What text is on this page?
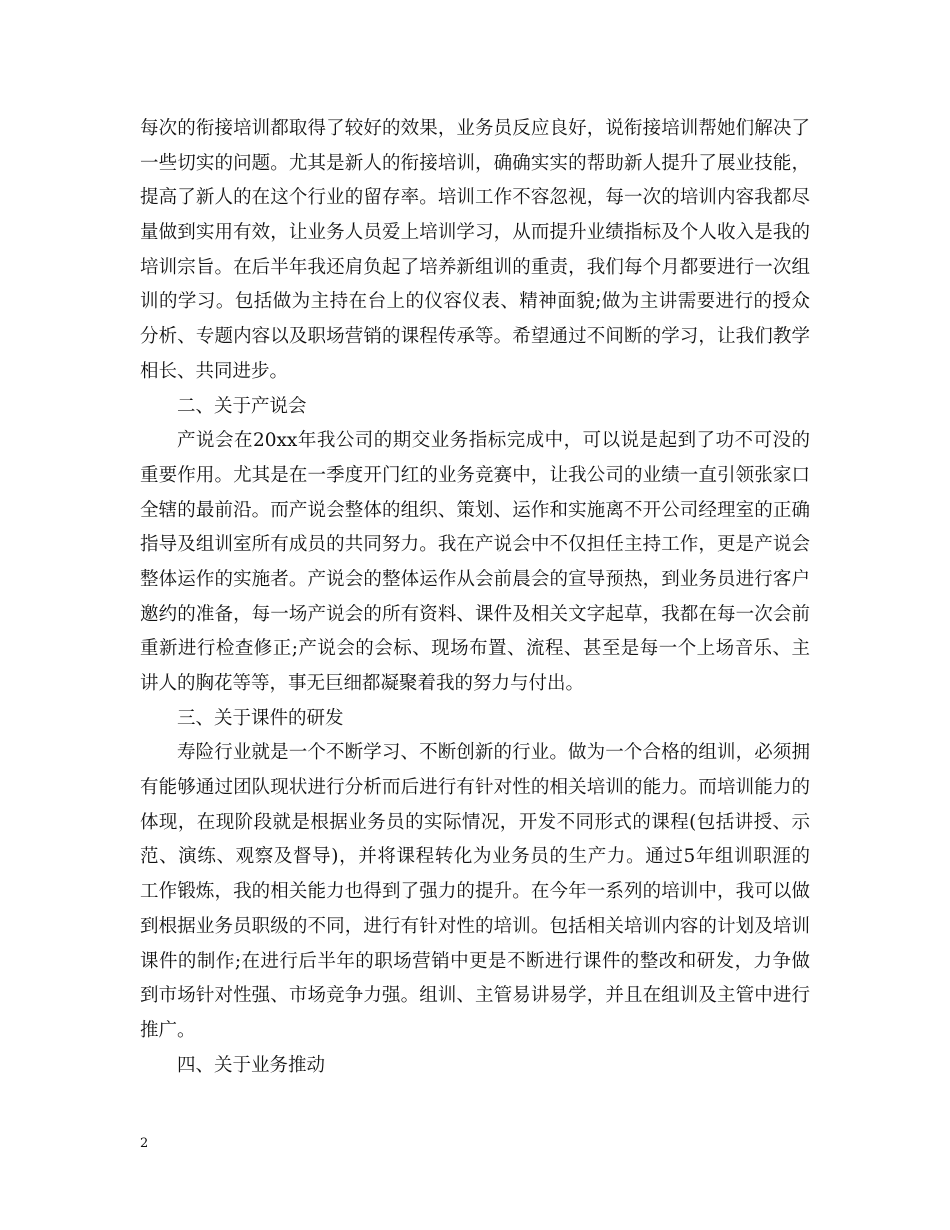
每次的衔接培训都取得了较好的效果，业务员反应良好，说衔接培训帮她们解决了
一些切实的问题。尤其是新人的衔接培训，确确实实的帮助新人提升了展业技能，
提高了新人的在这个行业的留存率。培训工作不容忽视，每一次的培训内容我都尽
量做到实用有效，让业务人员爱上培训学习，从而提升业绩指标及个人收入是我的
培训宗旨。在后半年我还肩负起了培养新组训的重责，我们每个月都要进行一次组
训的学习。包括做为主持在台上的仪容仪表、精神面貌;做为主讲需要进行的授众
分析、专题内容以及职场营销的课程传承等。希望通过不间断的学习，让我们教学
相长、共同进步。
二、关于产说会
产说会在20xx年我公司的期交业务指标完成中，可以说是起到了功不可没的
重要作用。尤其是在一季度开门红的业务竞赛中，让我公司的业绩一直引领张家口
全辖的最前沿。而产说会整体的组织、策划、运作和实施离不开公司经理室的正确
指导及组训室所有成员的共同努力。我在产说会中不仅担任主持工作，更是产说会
整体运作的实施者。产说会的整体运作从会前晨会的宣导预热，到业务员进行客户
邀约的准备，每一场产说会的所有资料、课件及相关文字起草，我都在每一次会前
重新进行检查修正;产说会的会标、现场布置、流程、甚至是每一个上场音乐、主
讲人的胸花等等，事无巨细都凝聚着我的努力与付出。
三、关于课件的研发
寿险行业就是一个不断学习、不断创新的行业。做为一个合格的组训，必须拥
有能够通过团队现状进行分析而后进行有针对性的相关培训的能力。而培训能力的
体现，在现阶段就是根据业务员的实际情况，开发不同形式的课程(包括讲授、示
范、演练、观察及督导)，并将课程转化为业务员的生产力。通过5年组训职涯的
工作锻炼，我的相关能力也得到了强力的提升。在今年一系列的培训中，我可以做
到根据业务员职级的不同，进行有针对性的培训。包括相关培训内容的计划及培训
课件的制作;在进行后半年的职场营销中更是不断进行课件的整改和研发，力争做
到市场针对性强、市场竞争力强。组训、主管易讲易学，并且在组训及主管中进行
推广。
四、关于业务推动
2
